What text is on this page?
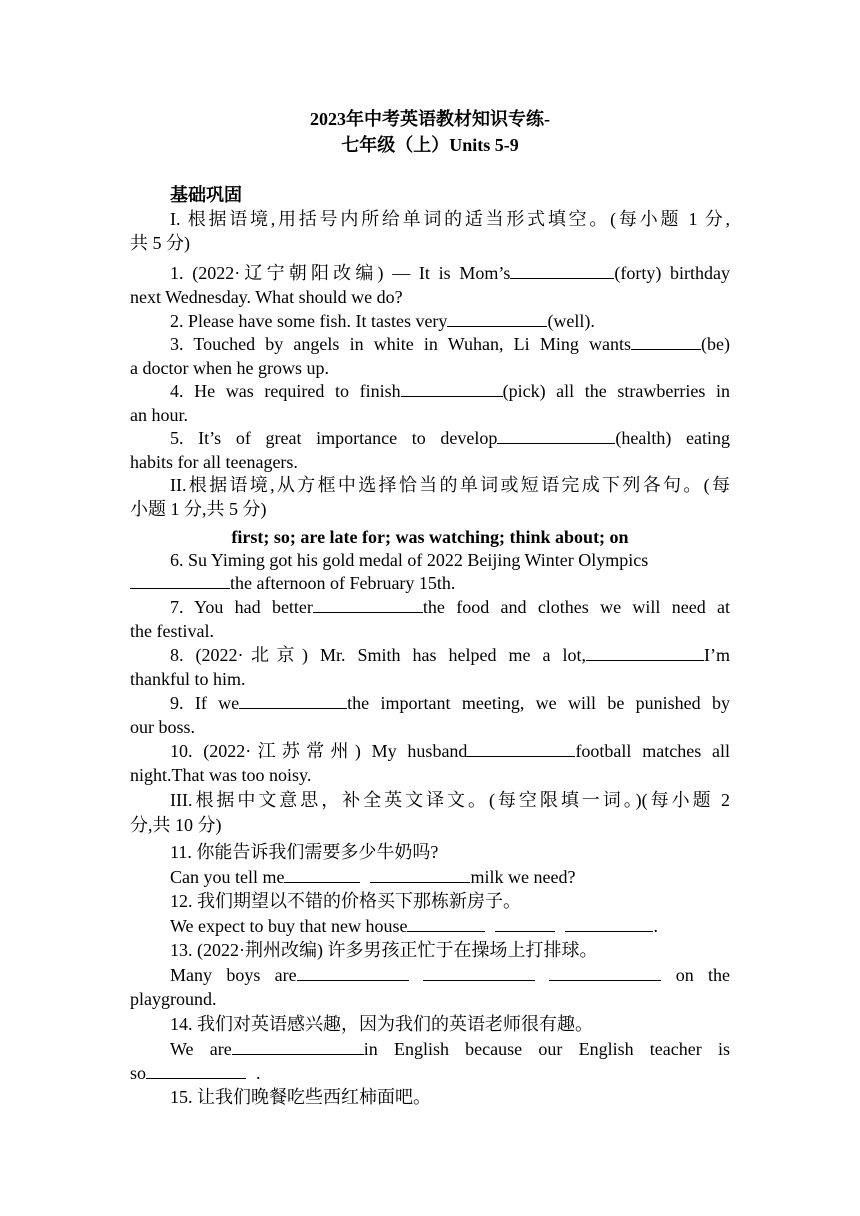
2023年中考英语教材知识专练-
七年级（上）Units 5-9
基础巩固
I. 根据语境,用括号内所给单词的适当形式填空。(每小题 1 分,
共 5 分)
1. (2022·辽宁朝阳改编) — It is Mom’s	(forty) birthday
next Wednesday. What should we do?
2. Please have some fish. It tastes very	(well).
3. Touched by angels in white in Wuhan, Li Ming wants	(be)
a doctor when he grows up.
4. He was required to finish	(pick) all the strawberries in
an hour.
5. It’s of great importance to develop	(health) eating
habits for all teenagers.
II.根据语境,从方框中选择恰当的单词或短语完成下列各句。(每
小题 1 分,共 5 分)
first; so; are late for; was watching; think about; on
6. Su Yiming got his gold medal of 2022 Beijing Winter Olympics
the afternoon of February 15th.
7. You had better	the food and clothes we will need at
the festival.
8. (2022·北京) Mr. Smith has helped me a lot,	I’m
thankful to him.
9. If we	the important meeting, we will be punished by
our boss.
10. (2022·江苏常州) My husband	football matches all
night.That was too noisy.
III.根据中文意思，补全英文译文。(每空限填一词。)(每小题 2
分,共 10 分)
11. 你能告诉我们需要多少牛奶吗?
Can you tell me	milk we need?
12. 我们期望以不错的价格买下那栋新房子。
We expect to buy that new house	.
13. (2022·荆州改编) 许多男孩正忙于在操场上打排球。
Many boys are	on the
playground.
14. 我们对英语感兴趣，因为我们的英语老师很有趣。
We are	in English because our English teacher is
so	.
15. 让我们晚餐吃些西红柿面吧。
